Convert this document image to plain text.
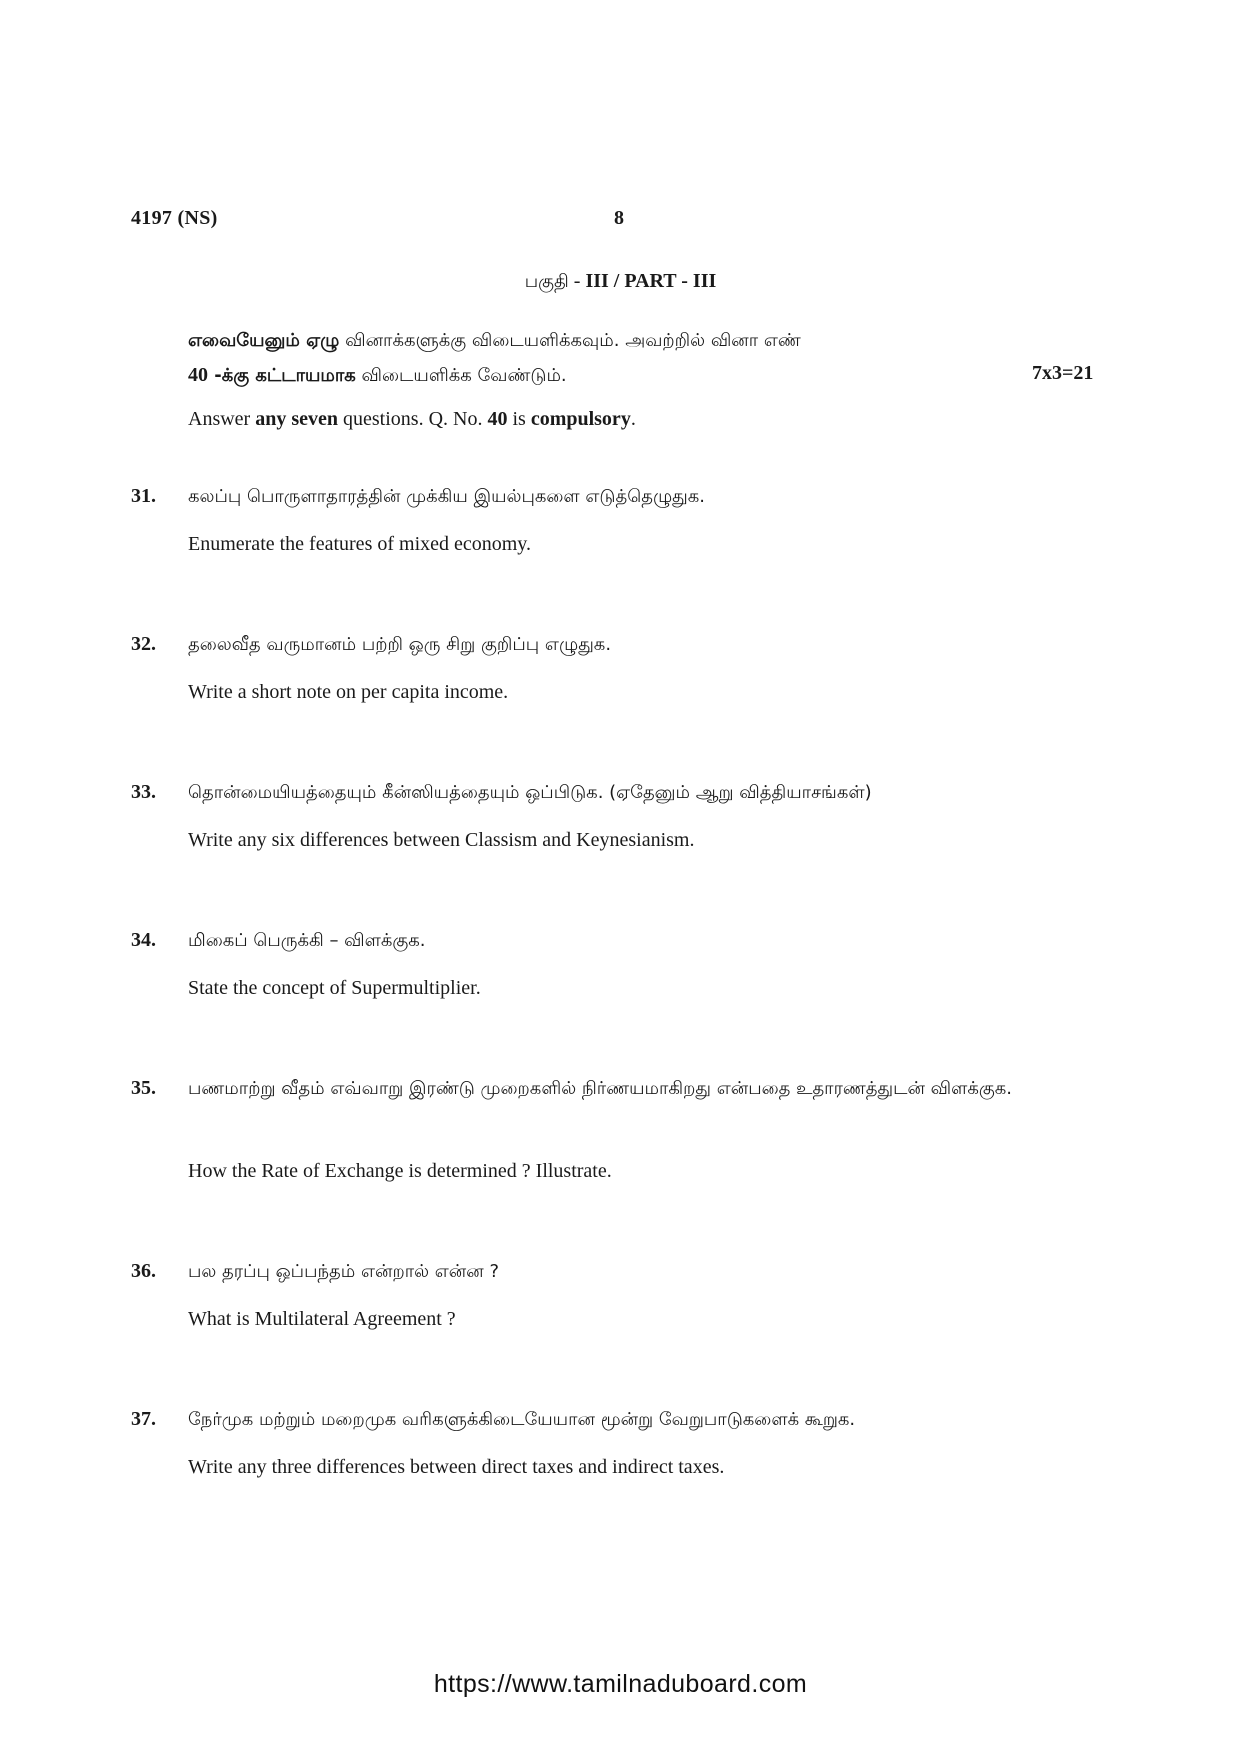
4197 (NS)	8
பகுதி - III / PART - III
எவையேனும் ஏழு வினாக்களுக்கு விடையளிக்கவும். அவற்றில் வினா எண்
40 -க்கு கட்டாயமாக விடையளிக்க வேண்டும்.	7x3=21
Answer any seven questions. Q. No. 40 is compulsory.
31. கலப்பு பொருளாதாரத்தின் முக்கிய இயல்புகளை எடுத்தெழுதுக.
Enumerate the features of mixed economy.
32. தலைவீத வருமானம் பற்றி ஒரு சிறு குறிப்பு எழுதுக.
Write a short note on per capita income.
33. தொன்மையியத்தையும் கீன்ஸியத்தையும் ஒப்பிடுக. (ஏதேனும் ஆறு வித்தியாசங்கள்)
Write any six differences between Classism and Keynesianism.
34. மிகைப் பெருக்கி – விளக்குக.
State the concept of Supermultiplier.
35. பணமாற்று வீதம் எவ்வாறு இரண்டு முறைகளில் நிர்ணயமாகிறது என்பதை உதாரணத்துடன் விளக்குக.
How the Rate of Exchange is determined ? Illustrate.
36. பல தரப்பு ஒப்பந்தம் என்றால் என்ன ?
What is Multilateral Agreement ?
37. நேர்முக மற்றும் மறைமுக வரிகளுக்கிடையேயான மூன்று வேறுபாடுகளைக் கூறுக.
Write any three differences between direct taxes and indirect taxes.
https://www.tamilnaduboard.com
